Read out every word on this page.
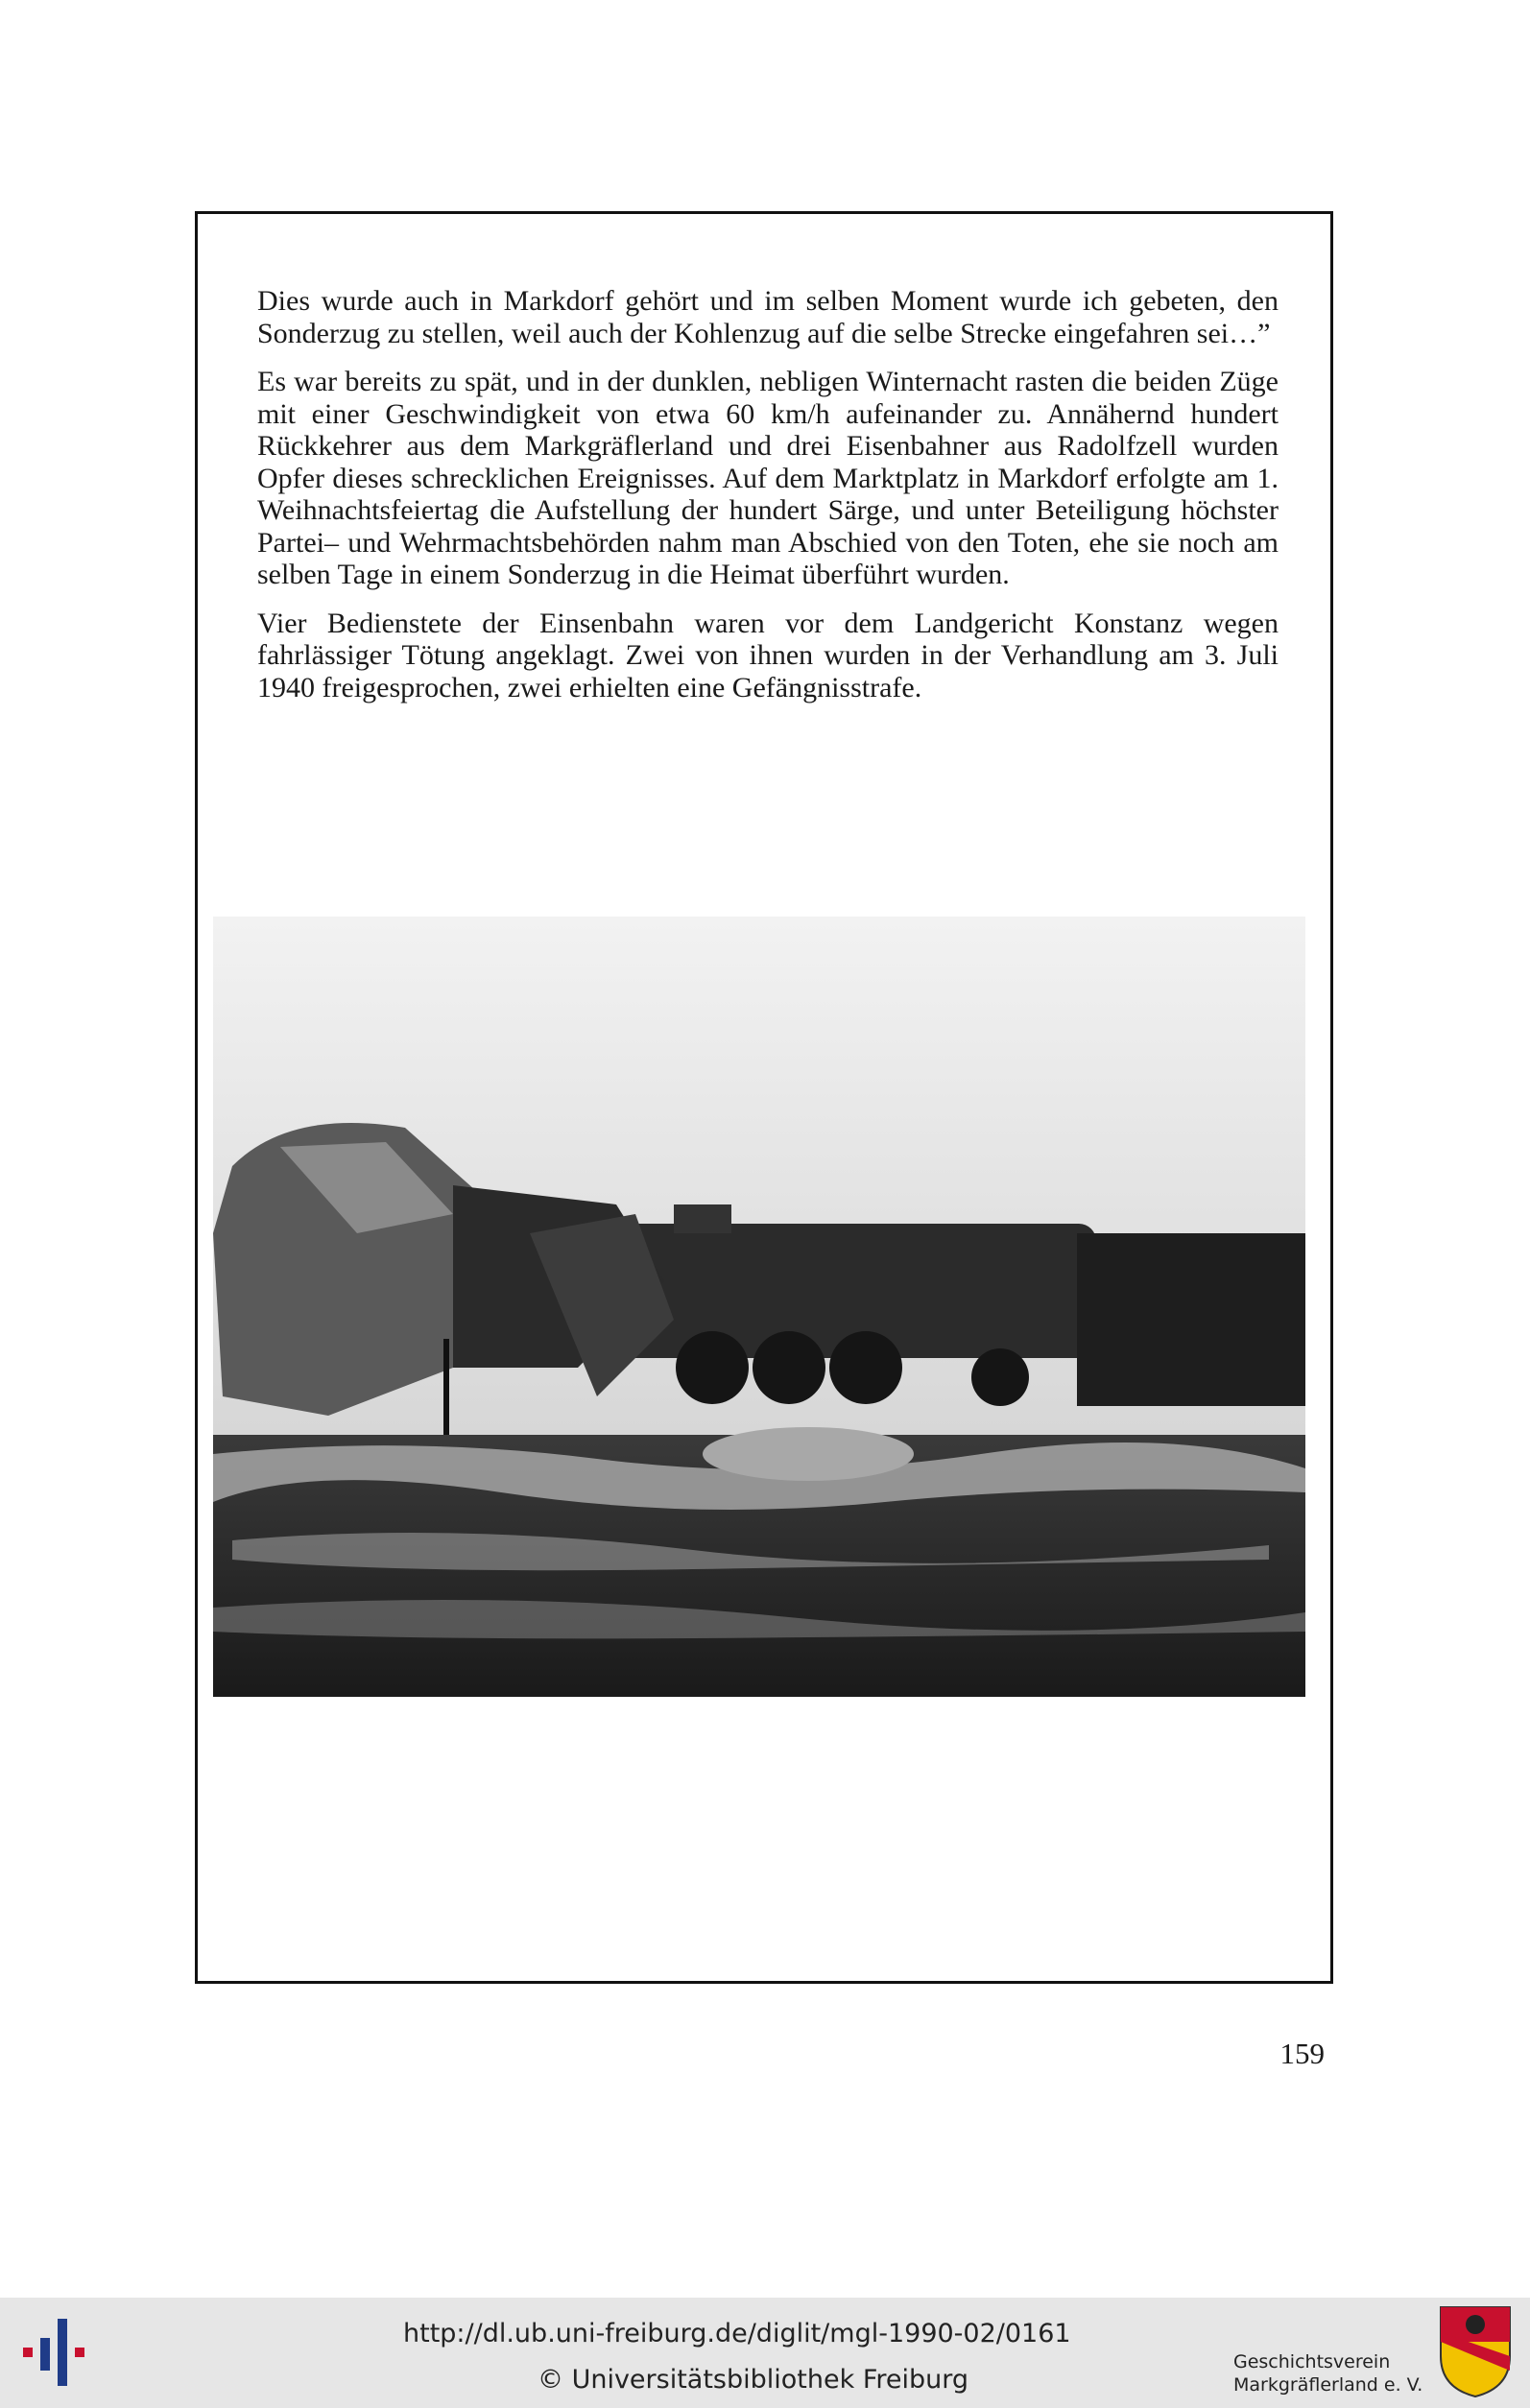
Dies wurde auch in Markdorf gehört und im selben Moment wurde ich gebeten, den Sonderzug zu stellen, weil auch der Kohlenzug auf die selbe Strecke eingefahren sei…”

Es war bereits zu spät, und in der dunklen, nebligen Winternacht rasten die beiden Züge mit einer Geschwindigkeit von etwa 60 km/h aufeinander zu. Annähernd hundert Rückkehrer aus dem Markgräflerland und drei Eisenbahner aus Radolfzell wurden Opfer dieses schrecklichen Ereignisses. Auf dem Marktplatz in Markdorf erfolgte am 1. Weihnachtsfeiertag die Aufstellung der hundert Särge, und unter Beteiligung höchster Partei– und Wehrmachtsbehörden nahm man Abschied von den Toten, ehe sie noch am selben Tage in einem Sonderzug in die Heimat überführt wurden.

Vier Bedienstete der Einsenbahn waren vor dem Landgericht Konstanz wegen fahrlässiger Tötung angeklagt. Zwei von ihnen wurden in der Verhandlung am 3. Juli 1940 freigesprochen, zwei erhielten eine Gefängnisstrafe.

159
http://dl.ub.uni-freiburg.de/diglit/mgl-1990-02/0161
© Universitätsbibliothek Freiburg
Geschichtsverein
Markgräflerland e. V.
